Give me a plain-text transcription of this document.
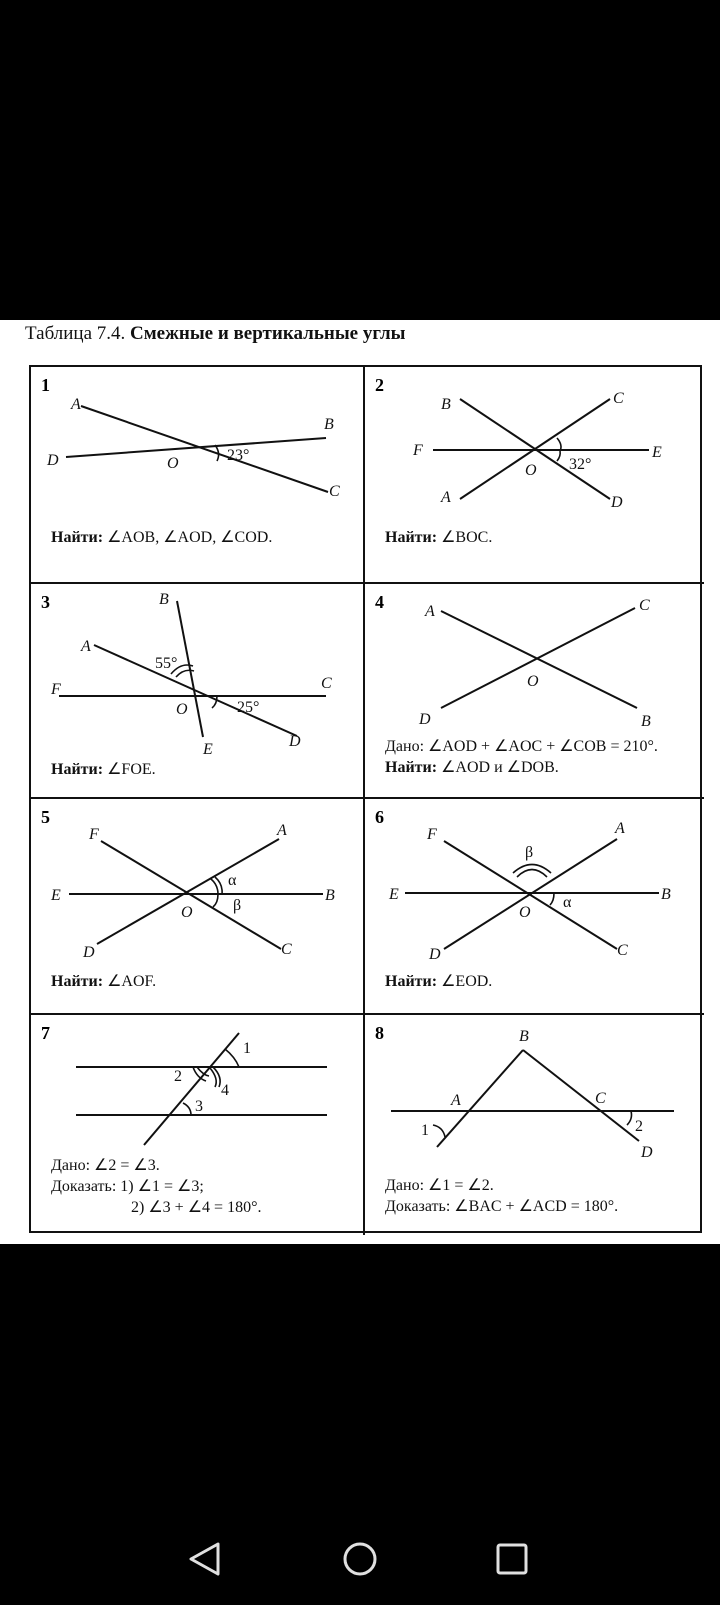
Таблица 7.4. Смежные и вертикальные углы
1
A
B
C
D	O	23°
Найти: ∠AOB, ∠AOD, ∠COD.
2
B	C
F	E
O
A	D
32°
Найти: ∠BOC.
3	B
A
F	C
O
E	D
55°
25°
Найти: ∠FOE.
4	A	C
O
D	B
Дано: ∠AOD + ∠AOC + ∠COB = 210°.
Найти: ∠AOD и ∠DOB.
5
F	A
E	B
O
D	C
α
β
Найти: ∠AOF.
6
F	A
E	B
O
D	C
β
α
Найти: ∠EOD.
7
1
2
3
4
Дано: ∠2 = ∠3.
Доказать: 1) ∠1 = ∠3;
2) ∠3 + ∠4 = 180°.
8	B
A	C
D
1	2
Дано: ∠1 = ∠2.
Доказать: ∠BAC + ∠ACD = 180°.
